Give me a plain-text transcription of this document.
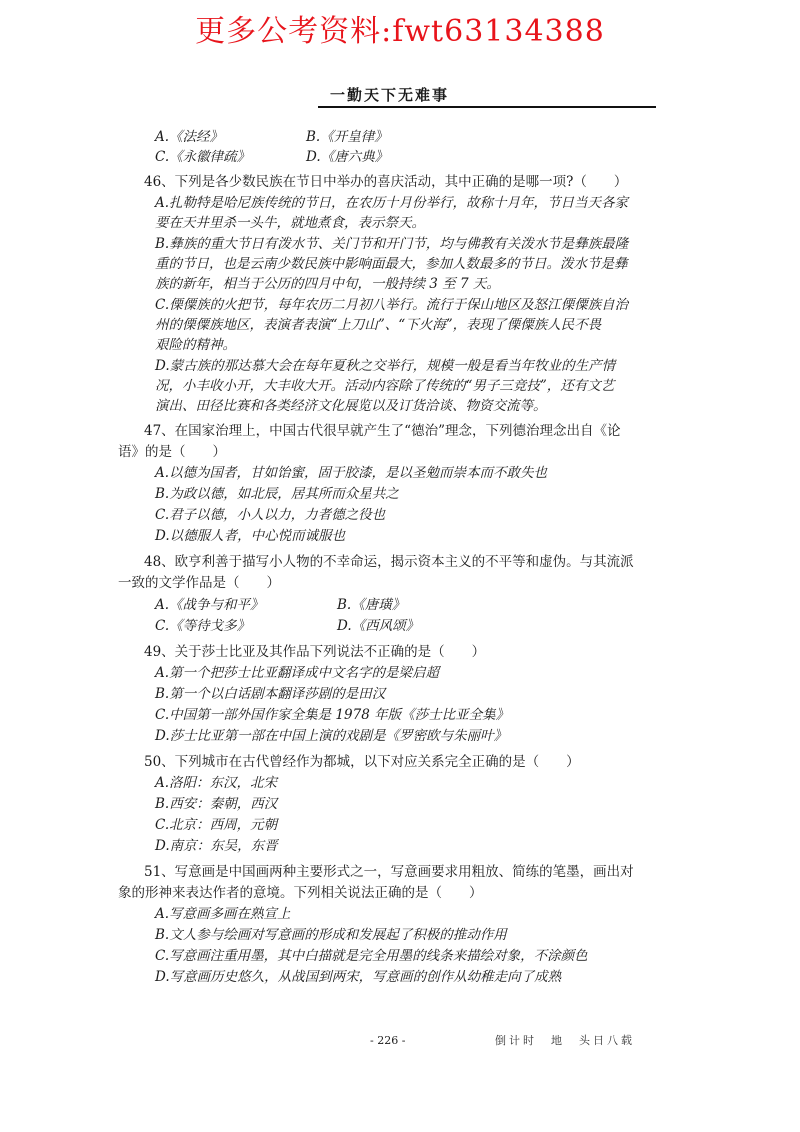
更多公考资料:fwt63134388
一勤天下无难事
A.《法经》	B.《开皇律》
C.《永徽律疏》	D.《唐六典》
46、下列是各少数民族在节日中举办的喜庆活动，其中正确的是哪一项?（　　）
A.扎勒特是哈尼族传统的节日，在农历十月份举行，故称十月年，节日当天各家
要在天井里杀一头牛，就地煮食，表示祭天。
B.彝族的重大节日有泼水节、关门节和开门节，均与佛教有关泼水节是彝族最隆
重的节日，也是云南少数民族中影响面最大，参加人数最多的节日。泼水节是彝
族的新年，相当于公历的四月中旬，一般持续 3 至 7 天。
C.傈僳族的火把节，每年农历二月初八举行。流行于保山地区及怒江傈僳族自治
州的傈僳族地区，表演者表演“上刀山”、“下火海”，表现了傈僳族人民不畏
艰险的精神。
D.蒙古族的那达慕大会在每年夏秋之交举行，规模一般是看当年牧业的生产情
况，小丰收小开，大丰收大开。活动内容除了传统的“男子三竞技”，还有文艺
演出、田径比赛和各类经济文化展览以及订货洽谈、物资交流等。
47、在国家治理上，中国古代很早就产生了“德治”理念，下列德治理念出自《论
语》的是（　　）
A.以德为国者，甘如饴蜜，固于胶漆，是以圣勉而崇本而不敢失也
B.为政以德，如北辰，居其所而众星共之
C.君子以德，小人以力，力者德之役也
D.以德服人者，中心悦而诚服也
48、欧亨利善于描写小人物的不幸命运，揭示资本主义的不平等和虚伪。与其流派
一致的文学作品是（　　）
A.《战争与和平》	B.《唐璜》
C.《等待戈多》	D.《西风颂》
49、关于莎士比亚及其作品下列说法不正确的是（　　）
A.第一个把莎士比亚翻译成中文名字的是梁启超
B.第一个以白话剧本翻译莎剧的是田汉
C.中国第一部外国作家全集是 1978 年版《莎士比亚全集》
D.莎士比亚第一部在中国上演的戏剧是《罗密欧与朱丽叶》
50、下列城市在古代曾经作为都城，以下对应关系完全正确的是（　　）
A.洛阳：东汉，北宋
B.西安：秦朝，西汉
C.北京：西周，元朝
D.南京：东吴，东晋
51、写意画是中国画两种主要形式之一，写意画要求用粗放、简练的笔墨，画出对
象的形神来表达作者的意境。下列相关说法正确的是（　　）
A.写意画多画在熟宣上
B.文人参与绘画对写意画的形成和发展起了积极的推动作用
C.写意画注重用墨，其中白描就是完全用墨的线条来描绘对象，不涂颜色
D.写意画历史悠久，从战国到两宋，写意画的创作从幼稚走向了成熟
- 226 -	倒计时　地　头日八载
